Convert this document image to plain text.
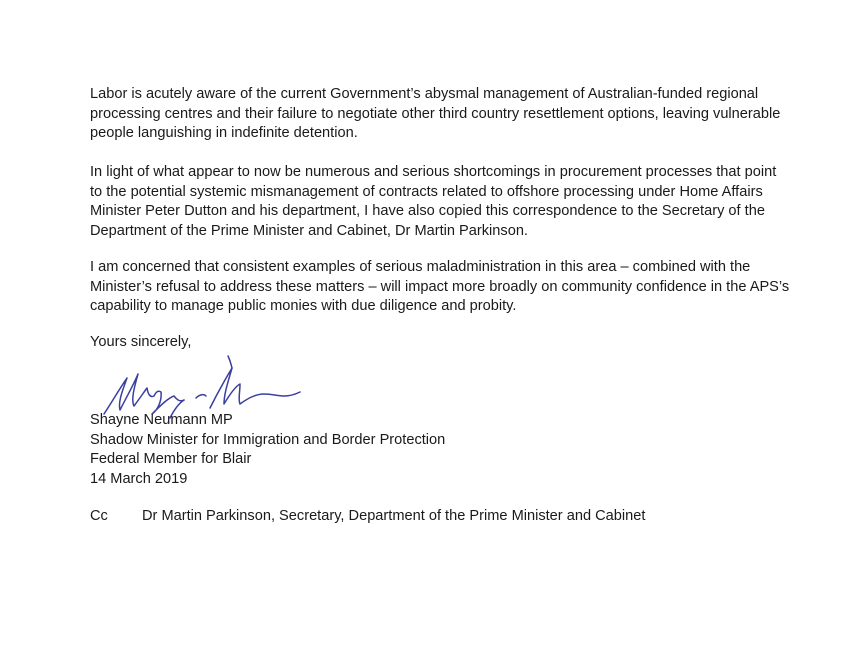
Labor is acutely aware of the current Government’s abysmal management of Australian-funded regional
processing centres and their failure to negotiate other third country resettlement options, leaving vulnerable
people languishing in indefinite detention.

In light of what appear to now be numerous and serious shortcomings in procurement processes that point
to the potential systemic mismanagement of contracts related to offshore processing under Home Affairs
Minister Peter Dutton and his department, I have also copied this correspondence to the Secretary of the
Department of the Prime Minister and Cabinet, Dr Martin Parkinson.

I am concerned that consistent examples of serious maladministration in this area – combined with the
Minister’s refusal to address these matters – will impact more broadly on community confidence in the APS’s
capability to manage public monies with due diligence and probity.

Yours sincerely,

Shayne Neumann MP
Shadow Minister for Immigration and Border Protection
Federal Member for Blair
14 March 2019

Cc Dr Martin Parkinson, Secretary, Department of the Prime Minister and Cabinet
